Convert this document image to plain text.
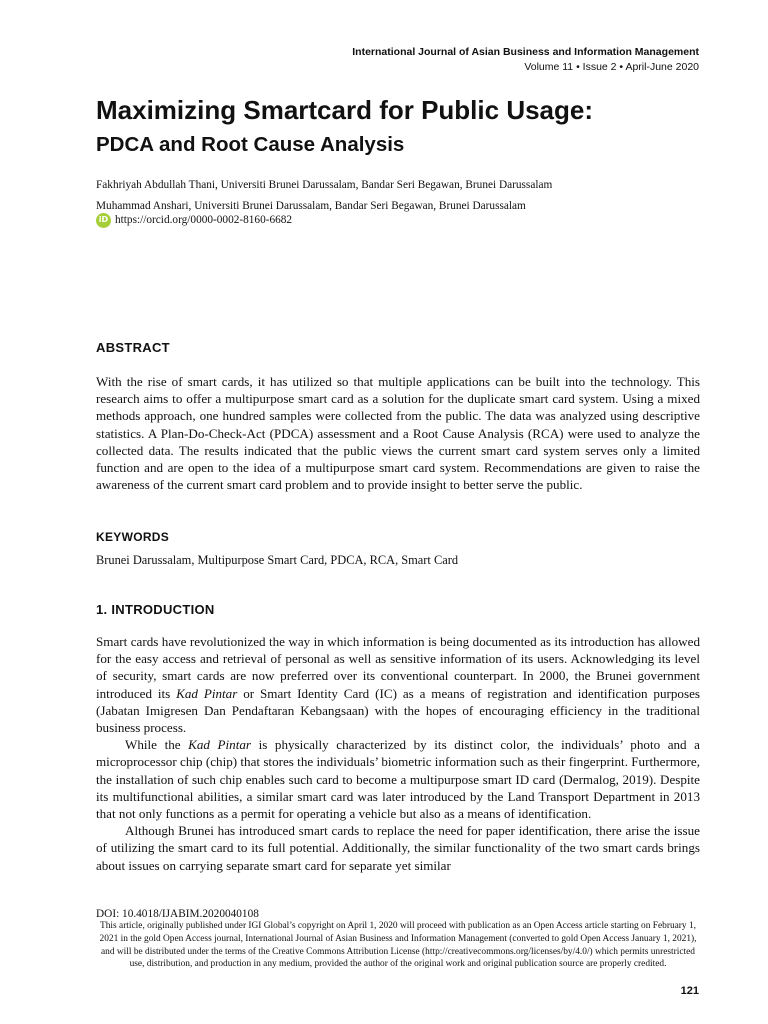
International Journal of Asian Business and Information Management
Volume 11 • Issue 2 • April-June 2020
Maximizing Smartcard for Public Usage:
PDCA and Root Cause Analysis
Fakhriyah Abdullah Thani, Universiti Brunei Darussalam, Bandar Seri Begawan, Brunei Darussalam
Muhammad Anshari, Universiti Brunei Darussalam, Bandar Seri Begawan, Brunei Darussalam
iD https://orcid.org/0000-0002-8160-6682
ABSTRACT

With the rise of smart cards, it has utilized so that multiple applications can be built into the technology. This research aims to offer a multipurpose smart card as a solution for the duplicate smart card system. Using a mixed methods approach, one hundred samples were collected from the public. The data was analyzed using descriptive statistics. A Plan-Do-Check-Act (PDCA) assessment and a Root Cause Analysis (RCA) were used to analyze the collected data. The results indicated that the public views the current smart card system serves only a limited function and are open to the idea of a multipurpose smart card system. Recommendations are given to raise the awareness of the current smart card problem and to provide insight to better serve the public.

KEYWORDS

Brunei Darussalam, Multipurpose Smart Card, PDCA, RCA, Smart Card

1. INTRODUCTION

Smart cards have revolutionized the way in which information is being documented as its introduction has allowed for the easy access and retrieval of personal as well as sensitive information of its users. Acknowledging its level of security, smart cards are now preferred over its conventional counterpart. In 2000, the Brunei government introduced its Kad Pintar or Smart Identity Card (IC) as a means of registration and identification purposes (Jabatan Imigresen Dan Pendaftaran Kebangsaan) with the hopes of encouraging efficiency in the traditional business process.

While the Kad Pintar is physically characterized by its distinct color, the individuals’ photo and a microprocessor chip (chip) that stores the individuals’ biometric information such as their fingerprint. Furthermore, the installation of such chip enables such card to become a multipurpose smart ID card (Dermalog, 2019). Despite its multifunctional abilities, a similar smart card was later introduced by the Land Transport Department in 2013 that not only functions as a permit for operating a vehicle but also as a means of identification.

Although Brunei has introduced smart cards to replace the need for paper identification, there arise the issue of utilizing the smart card to its full potential. Additionally, the similar functionality of the two smart cards brings about issues on carrying separate smart card for separate yet similar

DOI: 10.4018/IJABIM.2020040108

This article, originally published under IGI Global’s copyright on April 1, 2020 will proceed with publication as an Open Access article starting on February 1, 2021 in the gold Open Access journal, International Journal of Asian Business and Information Management (converted to gold Open Access January 1, 2021), and will be distributed under the terms of the Creative Commons Attribution License (http://creativecommons.org/licenses/by/4.0/) which permits unrestricted use, distribution, and production in any medium, provided the author of the original work and original publication source are properly credited.

121
